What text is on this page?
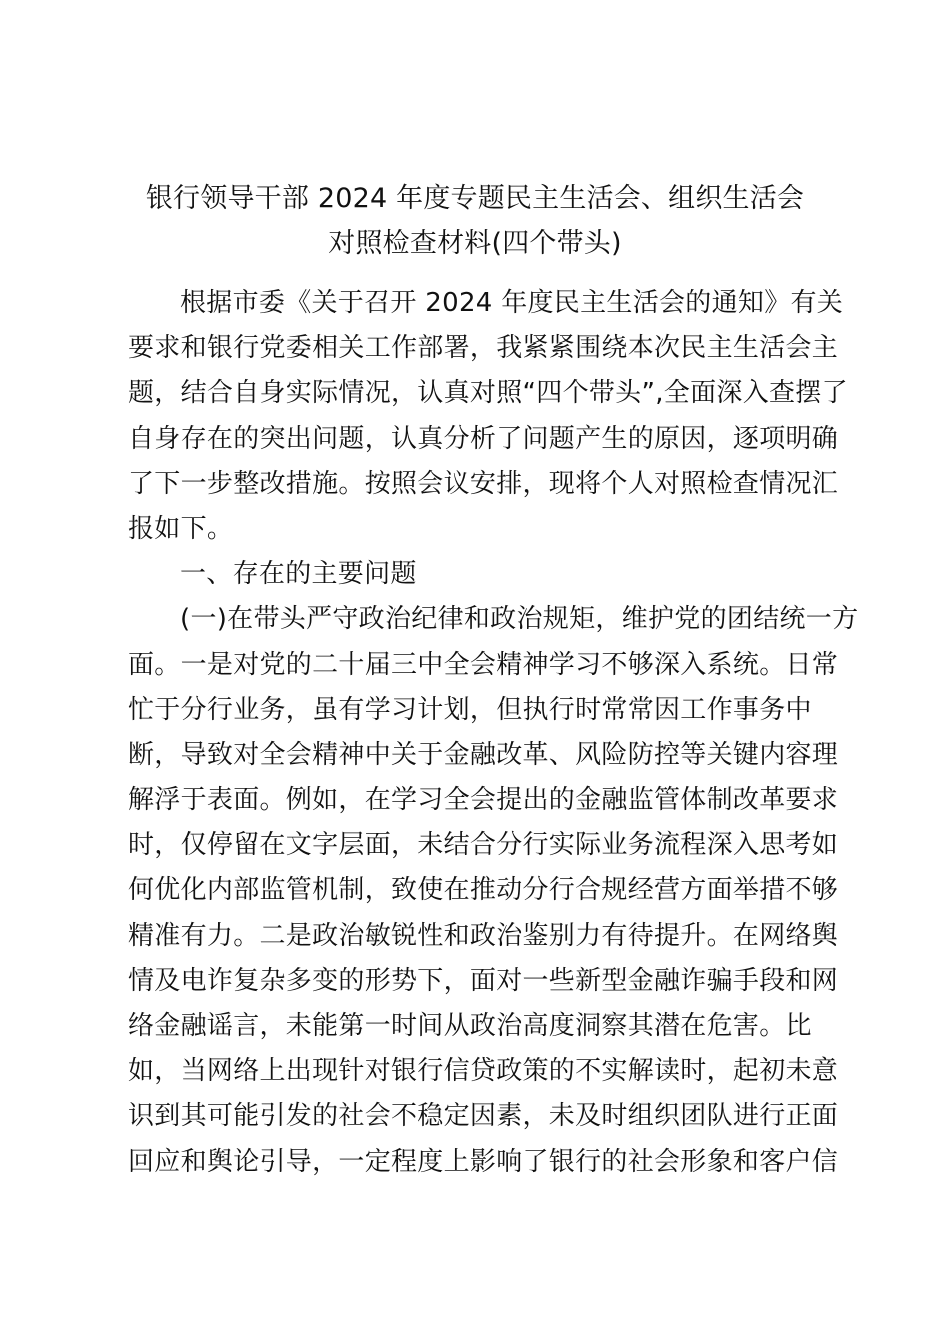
银行领导干部 2024 年度专题民主生活会、组织生活会
对照检查材料(四个带头)
根据市委《关于召开 2024 年度民主生活会的通知》有关
要求和银行党委相关工作部署，我紧紧围绕本次民主生活会主
题，结合自身实际情况，认真对照“四个带头”,全面深入查摆了
自身存在的突出问题，认真分析了问题产生的原因，逐项明确
了下一步整改措施。按照会议安排，现将个人对照检查情况汇
报如下。
一、存在的主要问题
(一)在带头严守政治纪律和政治规矩，维护党的团结统一方
面。一是对党的二十届三中全会精神学习不够深入系统。日常
忙于分行业务，虽有学习计划，但执行时常常因工作事务中
断，导致对全会精神中关于金融改革、风险防控等关键内容理
解浮于表面。例如，在学习全会提出的金融监管体制改革要求
时，仅停留在文字层面，未结合分行实际业务流程深入思考如
何优化内部监管机制，致使在推动分行合规经营方面举措不够
精准有力。二是政治敏锐性和政治鉴别力有待提升。在网络舆
情及电诈复杂多变的形势下，面对一些新型金融诈骗手段和网
络金融谣言，未能第一时间从政治高度洞察其潜在危害。比
如，当网络上出现针对银行信贷政策的不实解读时，起初未意
识到其可能引发的社会不稳定因素，未及时组织团队进行正面
回应和舆论引导，一定程度上影响了银行的社会形象和客户信
